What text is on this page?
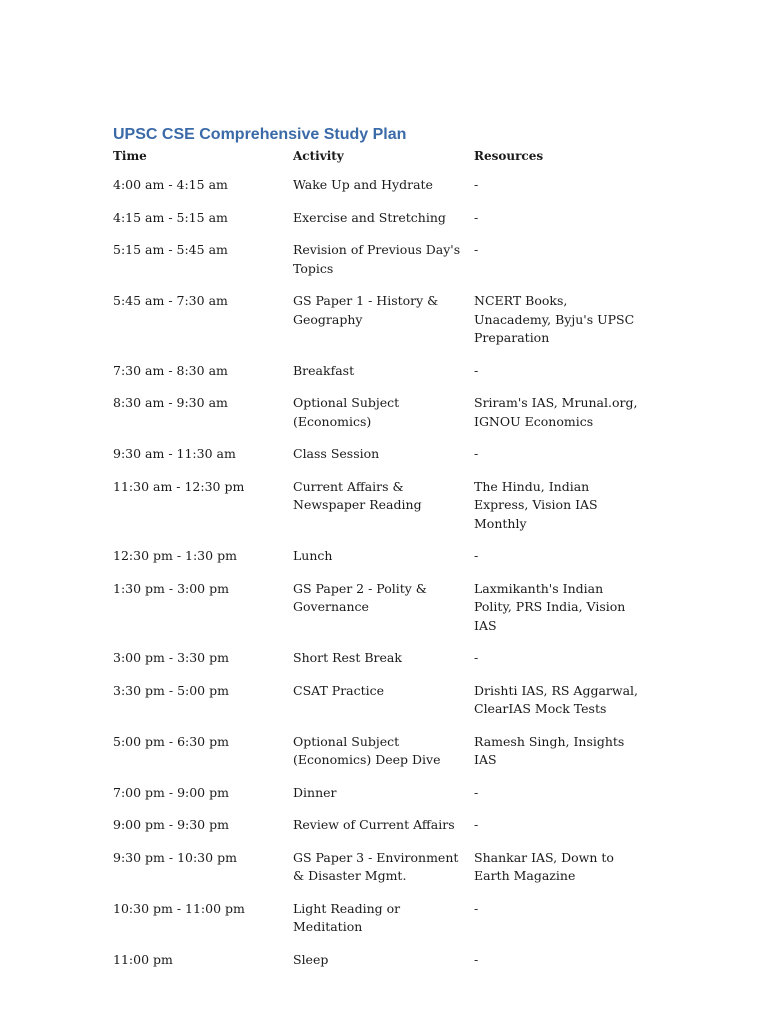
UPSC CSE Comprehensive Study Plan
Time	Activity	Resources
4:00 am - 4:15 am	Wake Up and Hydrate	-
4:15 am - 5:15 am	Exercise and Stretching	-
5:15 am - 5:45 am	Revision of Previous Day's Topics	-
5:45 am - 7:30 am	GS Paper 1 - History & Geography	NCERT Books, Unacademy, Byju's UPSC Preparation
7:30 am - 8:30 am	Breakfast	-
8:30 am - 9:30 am	Optional Subject (Economics)	Sriram's IAS, Mrunal.org, IGNOU Economics
9:30 am - 11:30 am	Class Session	-
11:30 am - 12:30 pm	Current Affairs & Newspaper Reading	The Hindu, Indian Express, Vision IAS Monthly
12:30 pm - 1:30 pm	Lunch	-
1:30 pm - 3:00 pm	GS Paper 2 - Polity & Governance	Laxmikanth's Indian Polity, PRS India, Vision IAS
3:00 pm - 3:30 pm	Short Rest Break	-
3:30 pm - 5:00 pm	CSAT Practice	Drishti IAS, RS Aggarwal, ClearIAS Mock Tests
5:00 pm - 6:30 pm	Optional Subject (Economics) Deep Dive	Ramesh Singh, Insights IAS
7:00 pm - 9:00 pm	Dinner	-
9:00 pm - 9:30 pm	Review of Current Affairs	-
9:30 pm - 10:30 pm	GS Paper 3 - Environment & Disaster Mgmt.	Shankar IAS, Down to Earth Magazine
10:30 pm - 11:00 pm	Light Reading or Meditation	-
11:00 pm	Sleep	-
